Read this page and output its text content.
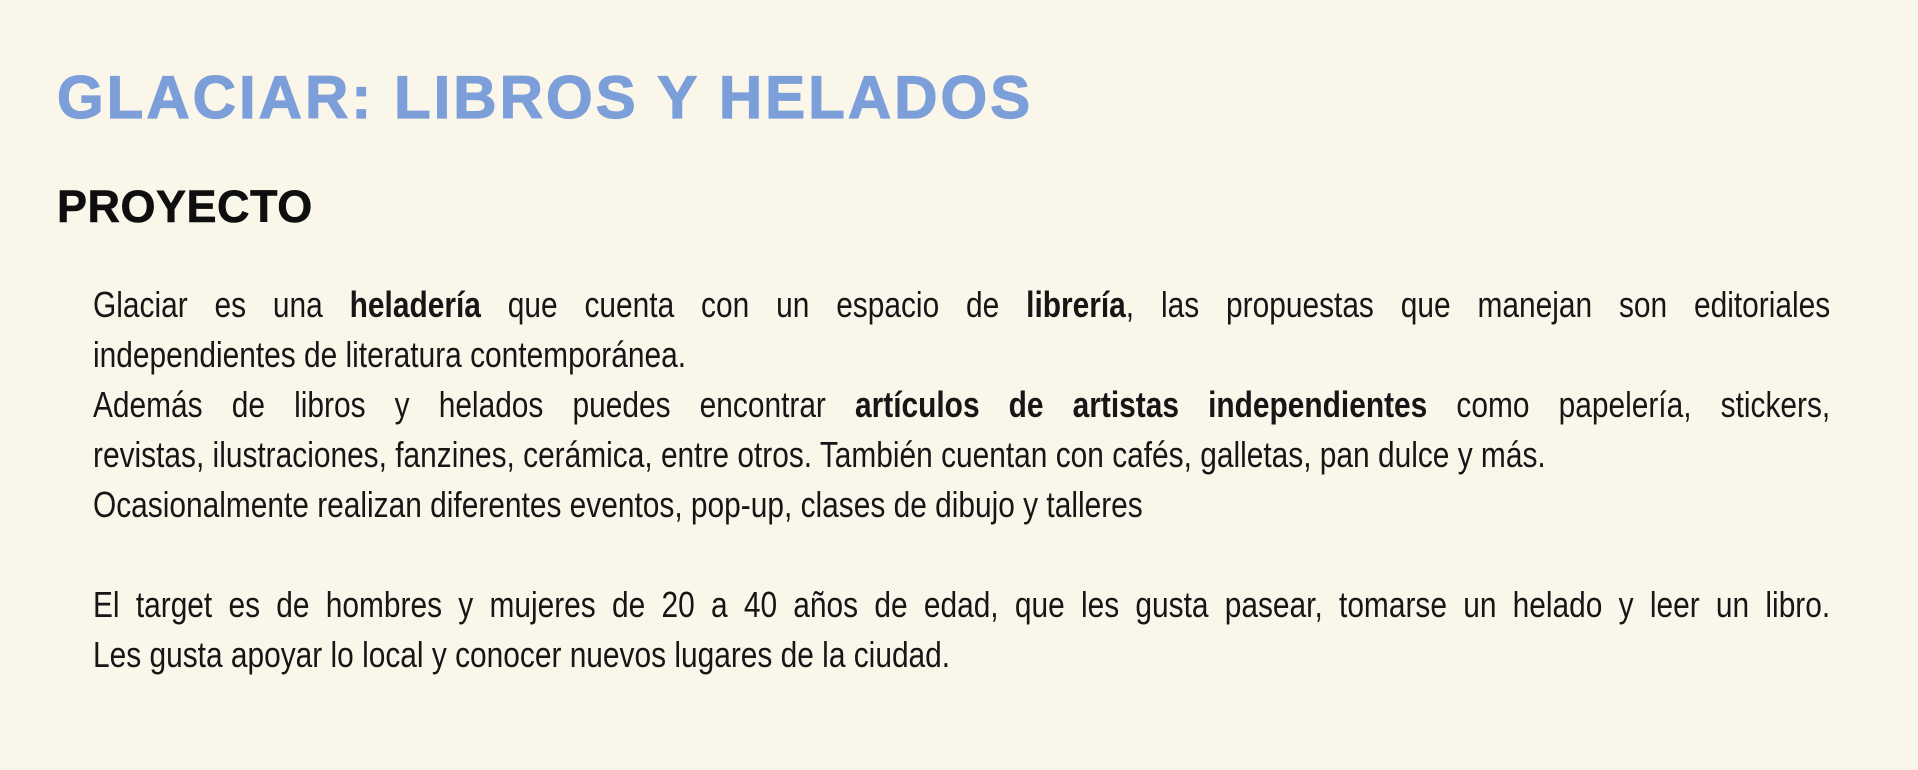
GLACIAR: LIBROS Y HELADOS
PROYECTO
Glaciar es una heladería que cuenta con un espacio de librería, las propuestas que manejan son editoriales
independientes de literatura contemporánea.
Además de libros y helados puedes encontrar artículos de artistas independientes como papelería, stickers,
revistas, ilustraciones, fanzines, cerámica, entre otros. También cuentan con cafés, galletas, pan dulce y más.
Ocasionalmente realizan diferentes eventos, pop-up, clases de dibujo y talleres
El target es de hombres y mujeres de 20 a 40 años de edad, que les gusta pasear, tomarse un helado y leer un libro.
Les gusta apoyar lo local y conocer nuevos lugares de la ciudad.
